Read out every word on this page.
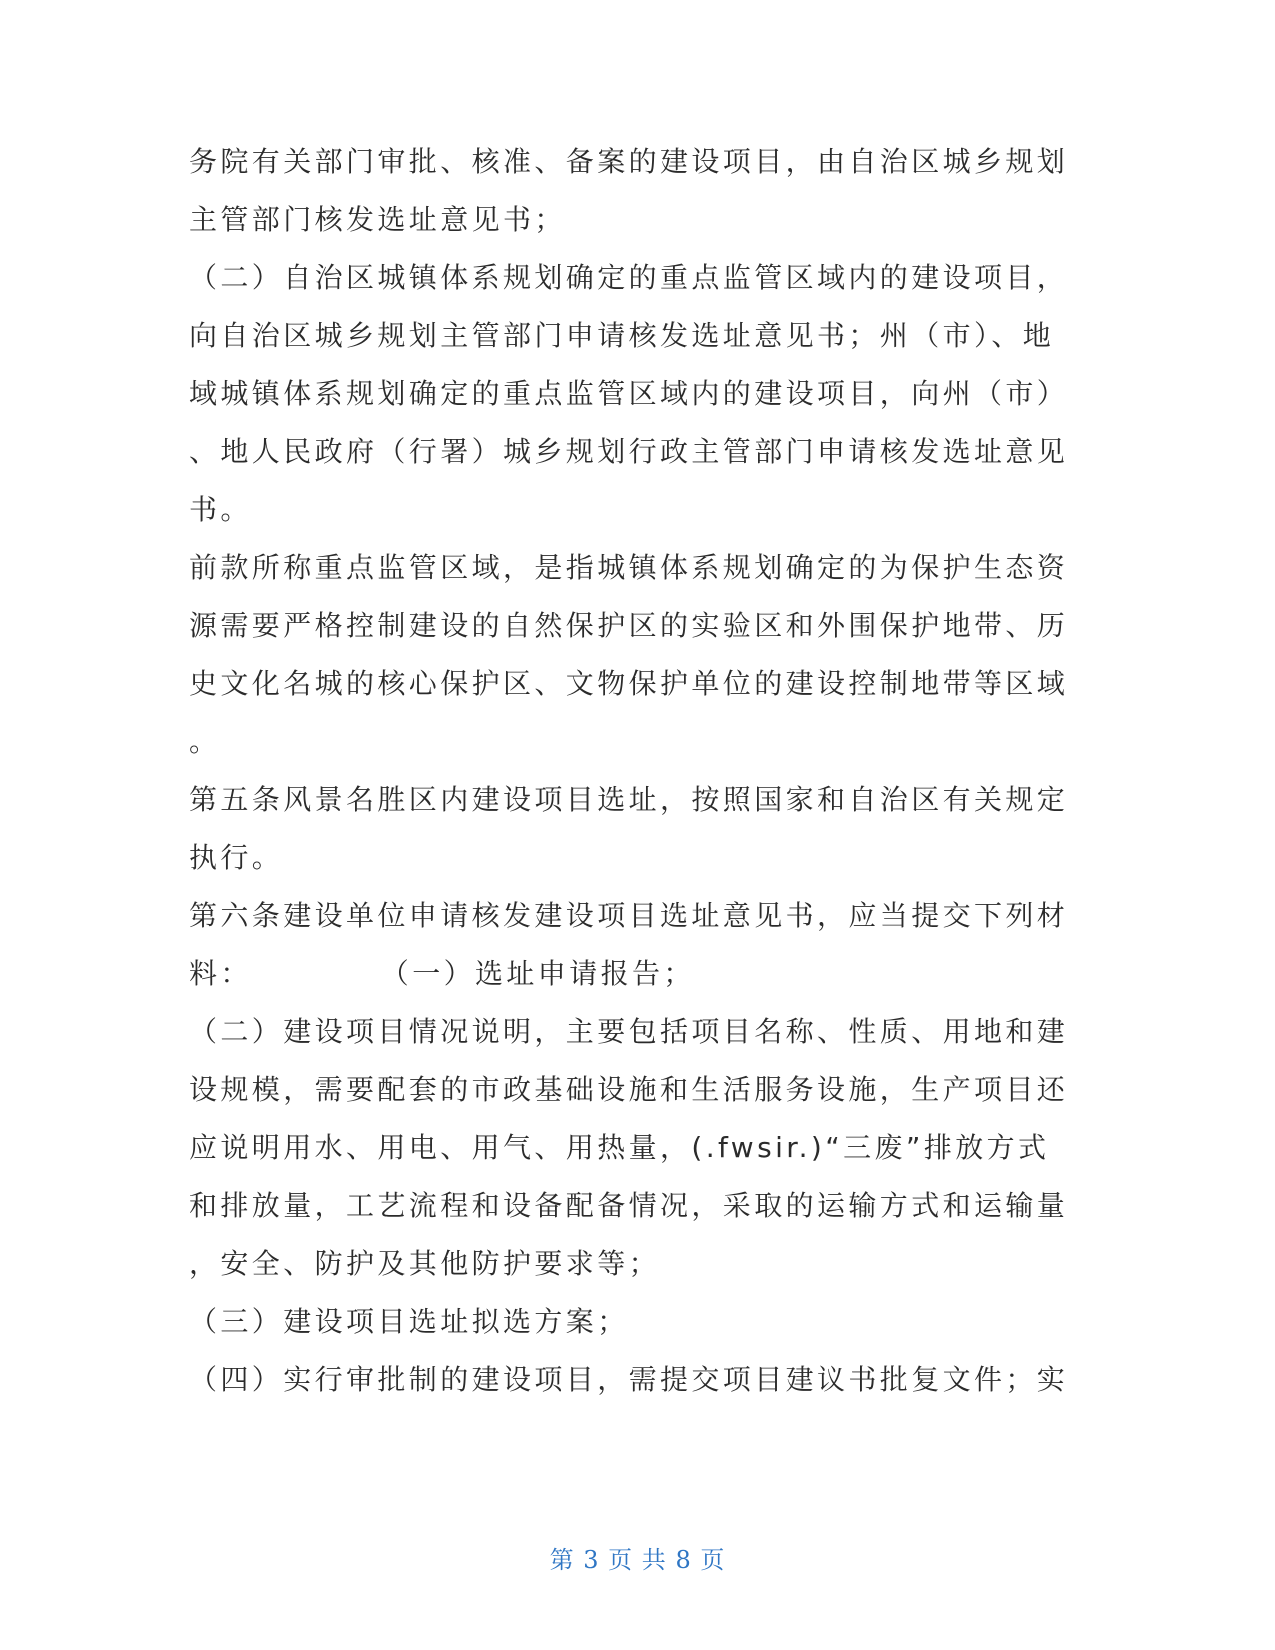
务院有关部门审批、核准、备案的建设项目，由自治区城乡规划
主管部门核发选址意见书；
（二）自治区城镇体系规划确定的重点监管区域内的建设项目，
向自治区城乡规划主管部门申请核发选址意见书；州（市）、地
域城镇体系规划确定的重点监管区域内的建设项目，向州（市）
、地人民政府（行署）城乡规划行政主管部门申请核发选址意见
书。
前款所称重点监管区域，是指城镇体系规划确定的为保护生态资
源需要严格控制建设的自然保护区的实验区和外围保护地带、历
史文化名城的核心保护区、文物保护单位的建设控制地带等区域
。
第五条风景名胜区内建设项目选址，按照国家和自治区有关规定
执行。
第六条建设单位申请核发建设项目选址意见书，应当提交下列材
料：　　　　　（一）选址申请报告；
（二）建设项目情况说明，主要包括项目名称、性质、用地和建
设规模，需要配套的市政基础设施和生活服务设施，生产项目还
应说明用水、用电、用气、用热量，(.fwsir.)“三废”排放方式
和排放量，工艺流程和设备配备情况，采取的运输方式和运输量
，安全、防护及其他防护要求等；
（三）建设项目选址拟选方案；
（四）实行审批制的建设项目，需提交项目建议书批复文件；实
第 3 页 共 8 页
